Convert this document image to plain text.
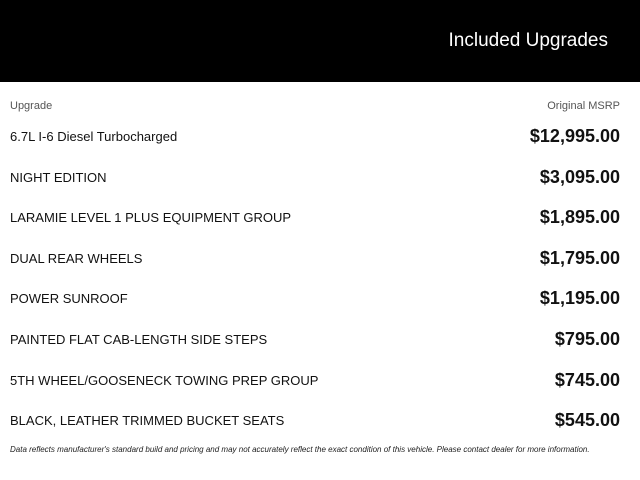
Included Upgrades
Upgrade	Original MSRP
6.7L I-6 Diesel Turbocharged	$12,995.00
NIGHT EDITION	$3,095.00
LARAMIE LEVEL 1 PLUS EQUIPMENT GROUP	$1,895.00
DUAL REAR WHEELS	$1,795.00
POWER SUNROOF	$1,195.00
PAINTED FLAT CAB-LENGTH SIDE STEPS	$795.00
5TH WHEEL/GOOSENECK TOWING PREP GROUP	$745.00
BLACK, LEATHER TRIMMED BUCKET SEATS	$545.00
Data reflects manufacturer's standard build and pricing and may not accurately reflect the exact condition of this vehicle. Please contact dealer for more information.
